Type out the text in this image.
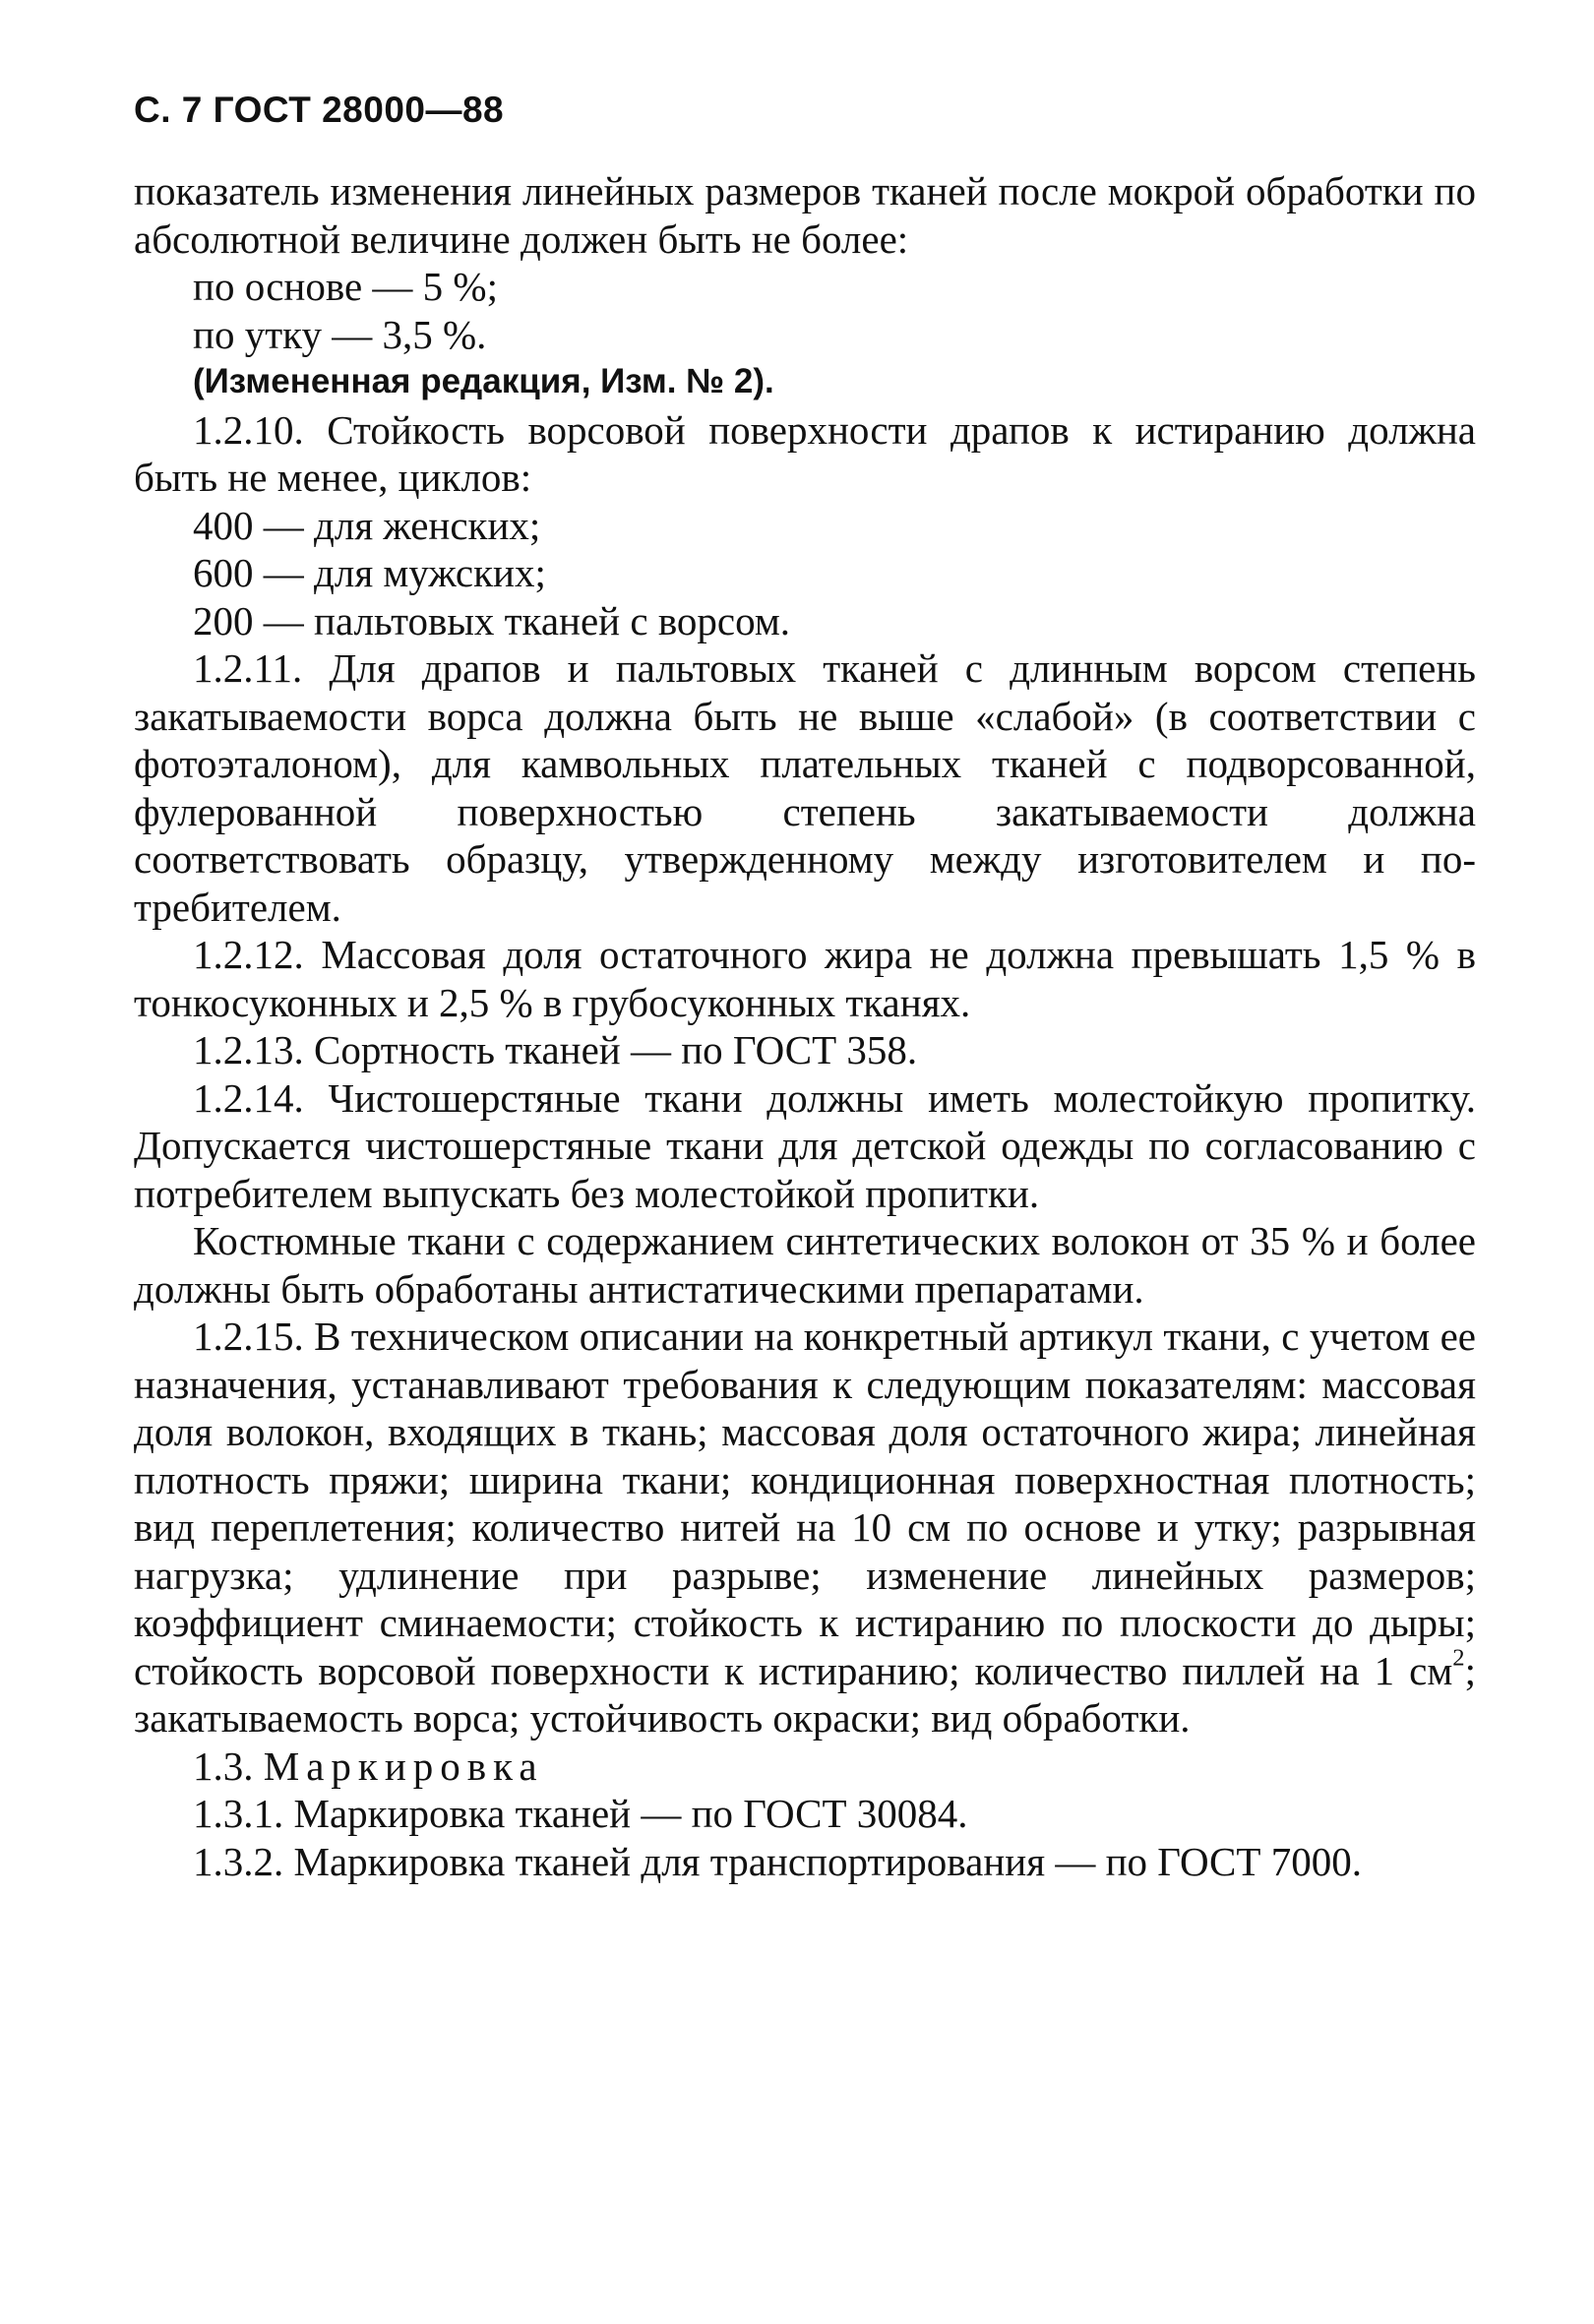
С. 7 ГОСТ 28000—88

показатель изменения линейных размеров тканей после мокрой обработки по абсолютной величине должен быть не более:

по основе — 5 %;

по утку — 3,5 %.

(Измененная редакция, Изм. № 2).

1.2.10. Стойкость ворсовой поверхности драпов к истиранию должна быть не менее, циклов:

400 — для женских;

600 — для мужских;

200 — пальтовых тканей с ворсом.

1.2.11. Для драпов и пальтовых тканей с длинным ворсом степень закатываемости ворса должна быть не выше «слабой» (в соответствии с фотоэталоном), для камвольных плательных тканей с подворсованной, фулерованной поверхностью степень закатываемости должна соответствовать образцу, утвержденному между изготовителем и потребителем.

1.2.12. Массовая доля остаточного жира не должна превышать 1,5 % в тонкосуконных и 2,5 % в грубосуконных тканях.

1.2.13. Сортность тканей — по ГОСТ 358.

1.2.14. Чистошерстяные ткани должны иметь молестойкую пропитку. Допускается чистошерстяные ткани для детской одежды по согласованию с потребителем выпускать без молестойкой пропитки.

Костюмные ткани с содержанием синтетических волокон от 35 % и более должны быть обработаны антистатическими препаратами.

1.2.15. В техническом описании на конкретный артикул ткани, с учетом ее назначения, устанавливают требования к следующим показателям: массовая доля волокон, входящих в ткань; массовая доля остаточного жира; линейная плотность пряжи; ширина ткани; кондиционная поверхностная плотность; вид переплетения; количество нитей на 10 см по основе и утку; разрывная нагрузка; удлинение при разрыве; изменение линейных размеров; коэффициент сминаемости; стойкость к истиранию по плоскости до дыры; стойкость ворсовой поверхности к истиранию; количество пиллей на 1 $см^2$; закатываемость ворса; устойчивость окраски; вид обработки.

1.3. Маркировка

1.3.1. Маркировка тканей — по ГОСТ 30084.

1.3.2. Маркировка тканей для транспортирования — по ГОСТ 7000.
